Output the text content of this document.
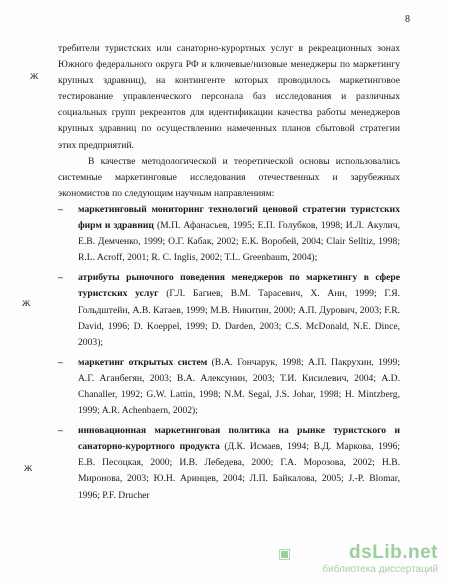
8
ж
ж
ж

требители туристских или санаторно-курортных услуг в рекреационных зонах Южного федерального округа РФ и ключевые/низовые менеджеры по маркетингу крупных здравниц), на контингенте которых проводилось маркетинговое тестирование управленческого персонала баз исследования и различных социальных групп рекреантов для идентификации качества работы менеджеров крупных здравниц по осуществлению намеченных планов сбытовой стратегии этих предприятий.

В качестве методологической и теоретической основы использовались системные маркетинговые исследования отечественных и зарубежных экономистов по следующим научным направлениям:

– маркетинговый мониторинг технологий ценовой стратегии туристских фирм и здравниц (М.П. Афанасьев, 1995; Е.П. Голубков, 1998; И.Л. Акулич, Е.В. Демченко, 1999; О.Г. Кабак, 2002; Е.К. Воробей, 2004; Clair Selltiz, 1998; R.L. Acroff, 2001; R. C. Inglis, 2002; T.L. Greenbaum, 2004);
– атрибуты рыночного поведения менеджеров по маркетингу в сфере туристских услуг (Г.Л. Багиев, В.М. Тарасевич, Х. Анн, 1999; Г.Я. Гольдштейн, А.В. Катаев, 1999; М.В. Никитин, 2000; А.П. Дурович, 2003; F.R. David, 1996; D. Koeppel, 1999; D. Darden, 2003; C.S. McDonald, N.E. Dince, 2003);
– маркетинг открытых систем (В.А. Гончарук, 1998; А.П. Пакрухин, 1999; А.Г. Аганбегян, 2003; В.А. Алексунин, 2003; Т.И. Кисилевич, 2004; A.D. Chanaller, 1992; G.W. Lattin, 1998; N.M. Segal, J.S. Johar, 1998; H. Mintzberg, 1999; A.R. Achenbaern, 2002);
– инновационная маркетинговая политика на рынке туристского и санаторно-курортного продукта (Д.К. Исмаев, 1994; В.Д. Маркова, 1996; Е.В. Песоцкая, 2000; И.В. Лебедева, 2000; Г.А. Морозова, 2002; Н.В. Миронова, 2003; Ю.Н. Аринцев, 2004; Л.П. Байкалова, 2005; J.-P. Blomar, 1996; P.F. Drucher
▣	dsLib.net
библиотека диссертаций
